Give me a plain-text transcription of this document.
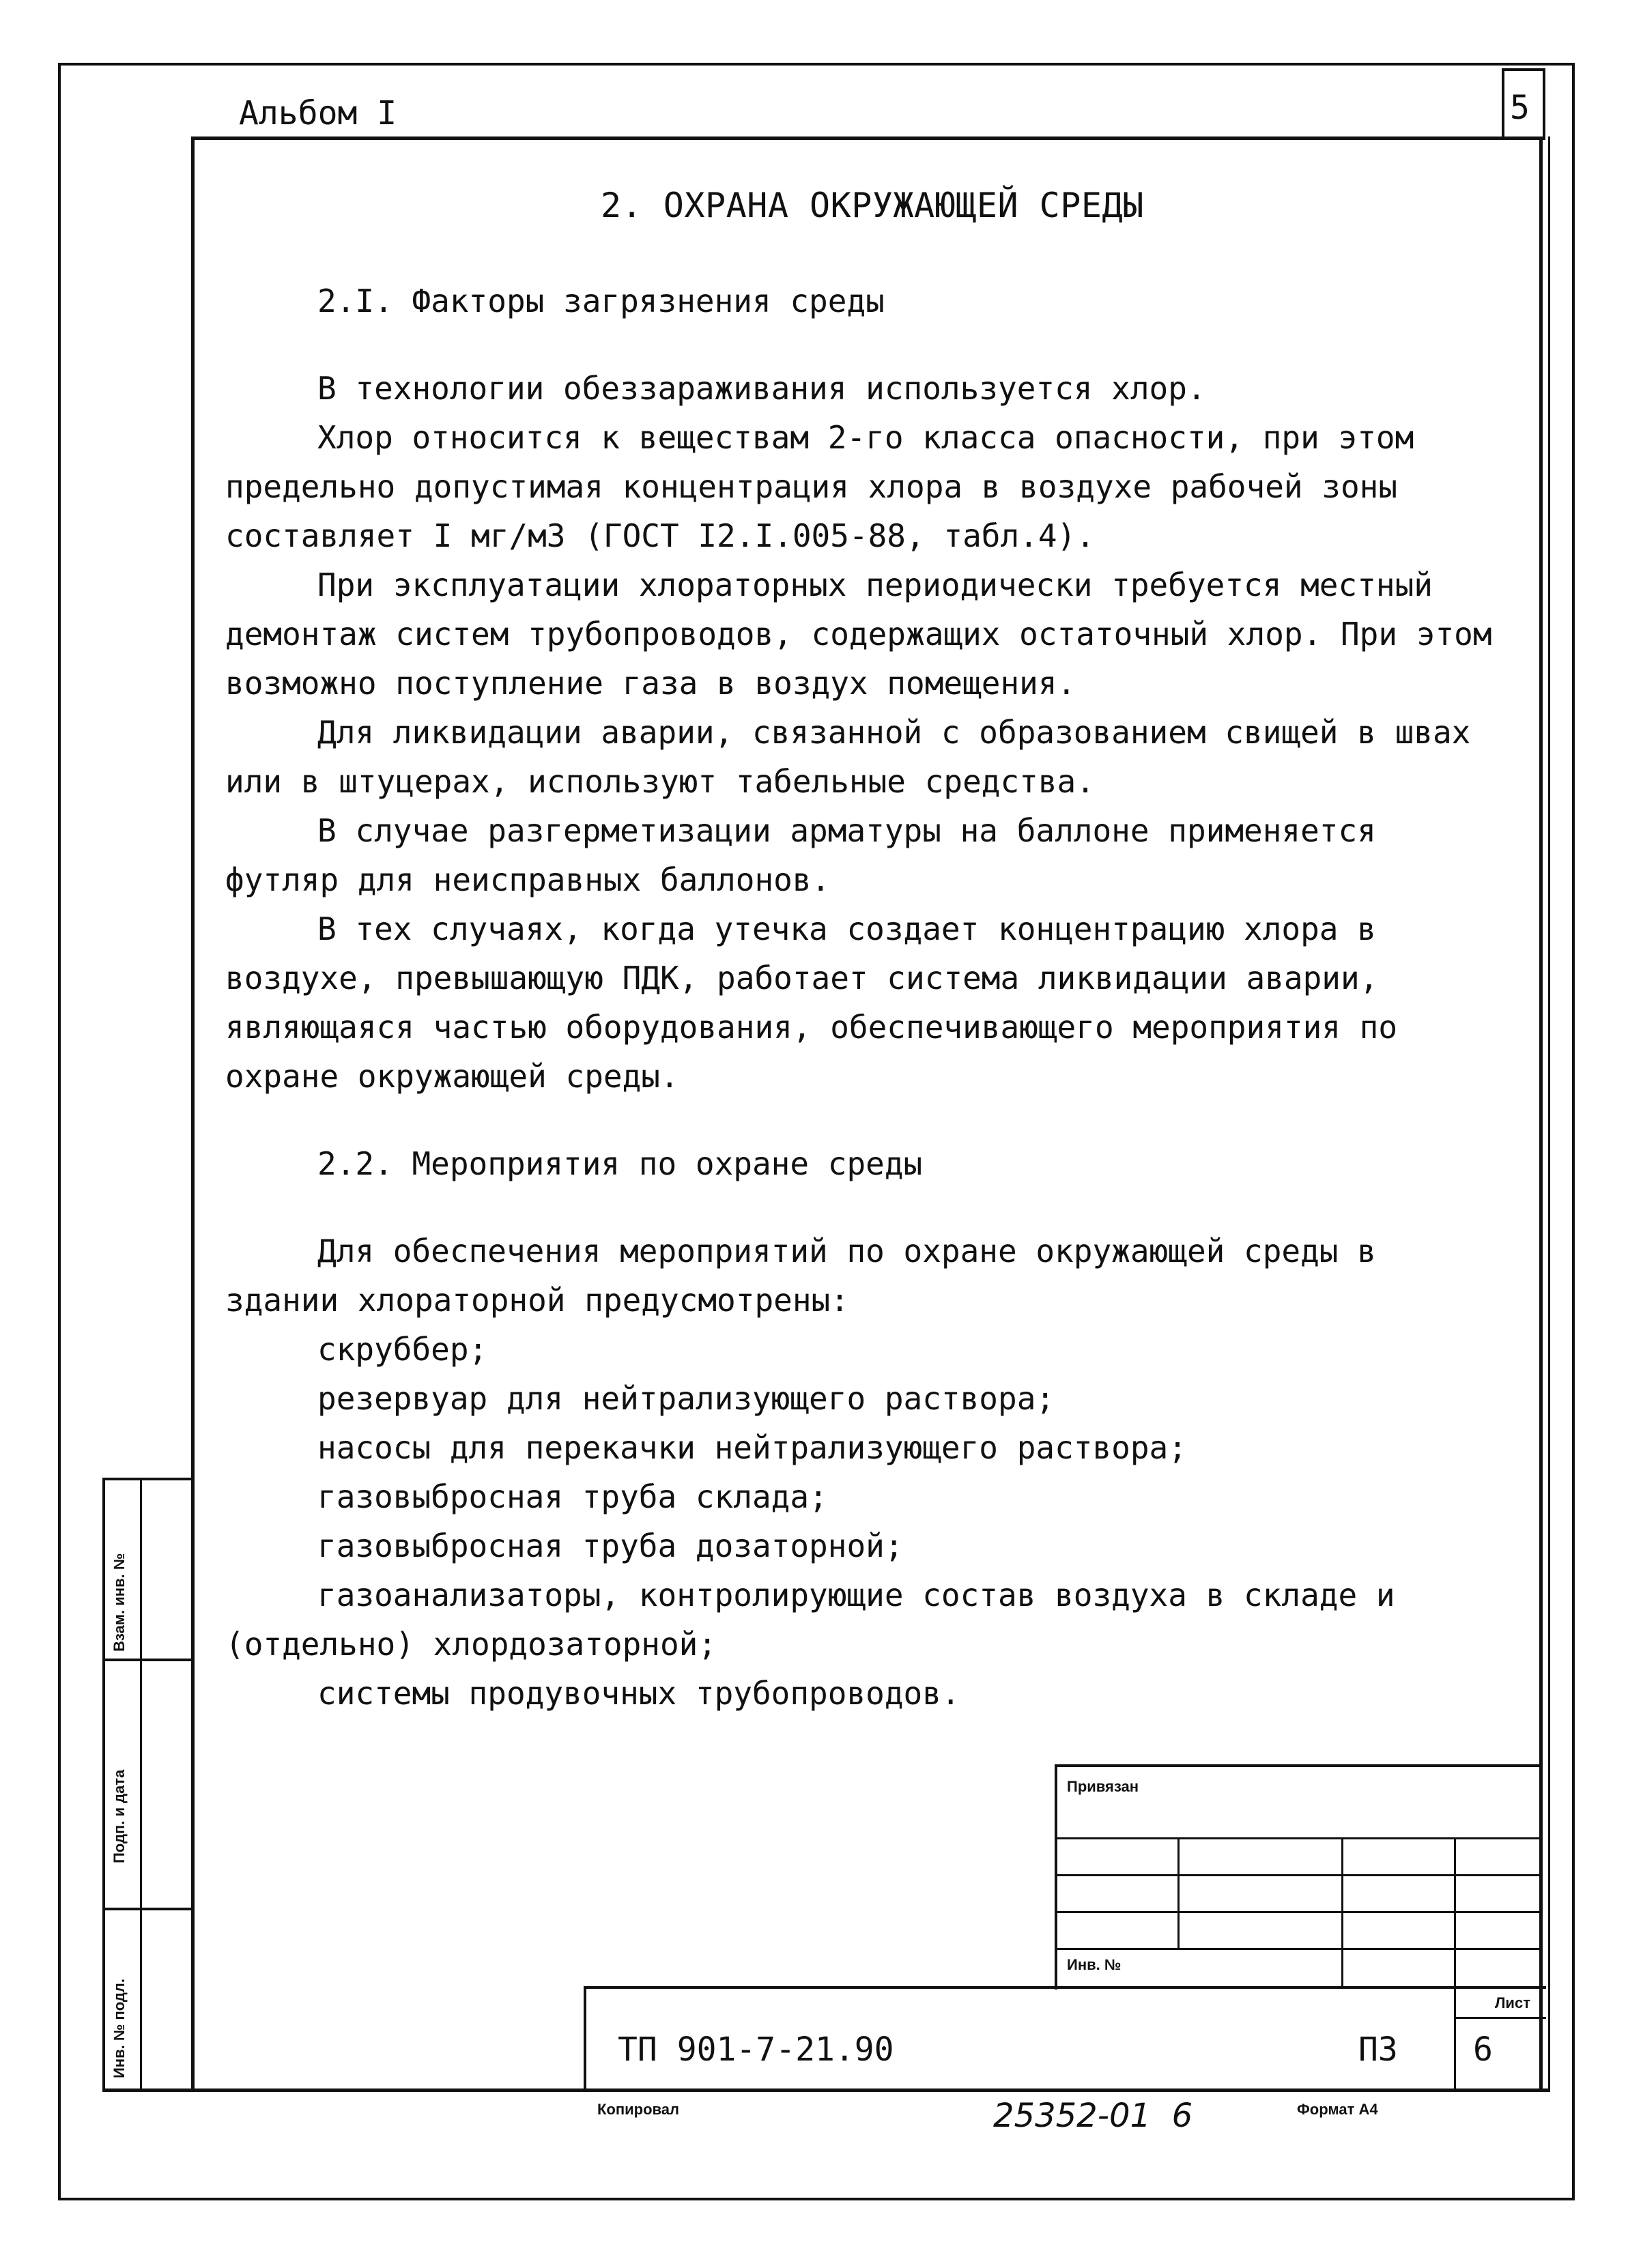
5
Альбом I
2. ОХРАНА ОКРУЖАЮЩЕЙ СРЕДЫ

2.I. Факторы загрязнения среды

В технологии обеззараживания используется хлор.

Хлор относится к веществам 2-го класса опасности, при этом предельно допустимая концентрация хлора в воздухе рабочей зоны составляет I мг/м3 (ГОСТ I2.I.005-88, табл.4).

При эксплуатации хлораторных периодически требуется местный демонтаж систем трубопроводов, содержащих остаточный хлор. При этом возможно поступление газа в воздух помещения.

Для ликвидации аварии, связанной с образованием свищей в швах или в штуцерах, используют табельные средства.

В случае разгерметизации арматуры на баллоне применяется футляр для неисправных баллонов.

В тех случаях, когда утечка создает концентрацию хлора в воздухе, превышающую ПДК, работает система ликвидации аварии, являющаяся частью оборудования, обеспечивающего мероприятия по охране окружающей среды.

2.2. Мероприятия по охране среды

Для обеспечения мероприятий по охране окружающей среды в здании хлораторной предусмотрены:

скруббер;

резервуар для нейтрализующего раствора;

насосы для перекачки нейтрализующего раствора;

газовыбросная труба склада;

газовыбросная труба дозаторной;

газоанализаторы, контролирующие состав воздуха в складе и (отдельно) хлордозаторной;

системы продувочных трубопроводов.

Взам. инв. №
Подп. и дата
Инв. № подл.
Привязан
Инв. №
Лист
6
ТП 901-7-21.90	ПЗ
Копировал	25352-01  6	Формат А4
